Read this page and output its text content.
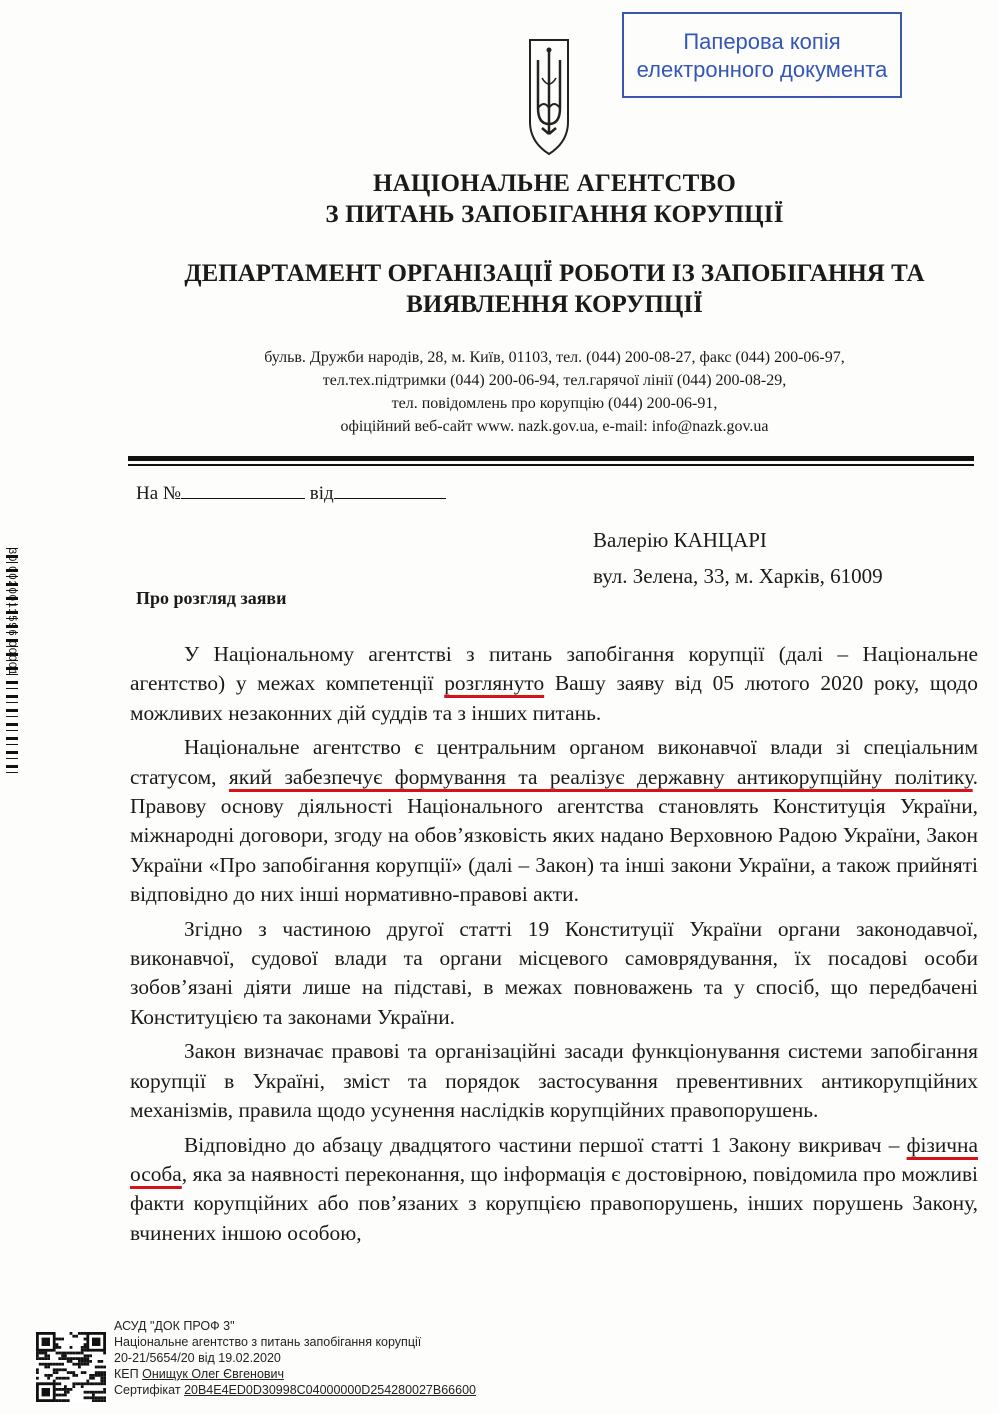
Паперова копія
електронного документа
НАЦІОНАЛЬНЕ АГЕНТСТВО
З ПИТАНЬ ЗАПОБІГАННЯ КОРУПЦІЇ
ДЕПАРТАМЕНТ ОРГАНІЗАЦІЇ РОБОТИ ІЗ ЗАПОБІГАННЯ ТА
ВИЯВЛЕННЯ КОРУПЦІЇ
бульв. Дружби народів, 28, м. Київ, 01103, тел. (044) 200-08-27, факс (044) 200-06-97,
тел.тех.підтримки (044) 200-06-94, тел.гарячої лінії (044) 200-08-29,
тел. повідомлень про корупцію (044) 200-06-91,
офіційний веб-сайт www. nazk.gov.ua, e-mail: info@nazk.gov.ua
На №	від
Валерію КАНЦАРІ
вул. Зелена, 33, м. Харків, 61009
Про розгляд заяви

У Національному агентстві з питань запобігання корупції (далі – Національне агентство) у межах компетенції розглянуто Вашу заяву від 05 лютого 2020 року, щодо можливих незаконних дій суддів та з інших питань.

Національне агентство є центральним органом виконавчої влади зі спеціальним статусом, який забезпечує формування та реалізує державну антикорупційну політику. Правову основу діяльності Національного агентства становлять Конституція України, міжнародні договори, згоду на обов’язковість яких надано Верховною Радою України, Закон України «Про запобігання корупції» (далі – Закон) та інші закони України, а також прийняті відповідно до них інші нормативно-правові акти.

Згідно з частиною другої статті 19 Конституції України органи законодавчої, виконавчої, судової влади та органи місцевого самоврядування, їх посадові особи зобов’язані діяти лише на підставі, в межах повноважень та у спосіб, що передбачені Конституцією та законами України.

Закон визначає правові та організаційні засади функціонування системи запобігання корупції в Україні, зміст та порядок застосування превентивних антикорупційних механізмів, правила щодо усунення наслідків корупційних правопорушень.

Відповідно до абзацу двадцятого частини першої статті 1 Закону викривач – фізична особа, яка за наявності переконання, що інформація є достовірною, повідомила про можливі факти корупційних або пов’язаних з корупцією правопорушень, інших порушень Закону, вчинених іншою особою,

30 0020011596 00001
АСУД "ДОК ПРОФ 3"
Національне агентство з питань запобігання корупції
20-21/5654/20 від 19.02.2020
КЕП Онищук Олег Євгенович
Сертифікат 20B4E4ED0D30998C04000000D254280027B66600
